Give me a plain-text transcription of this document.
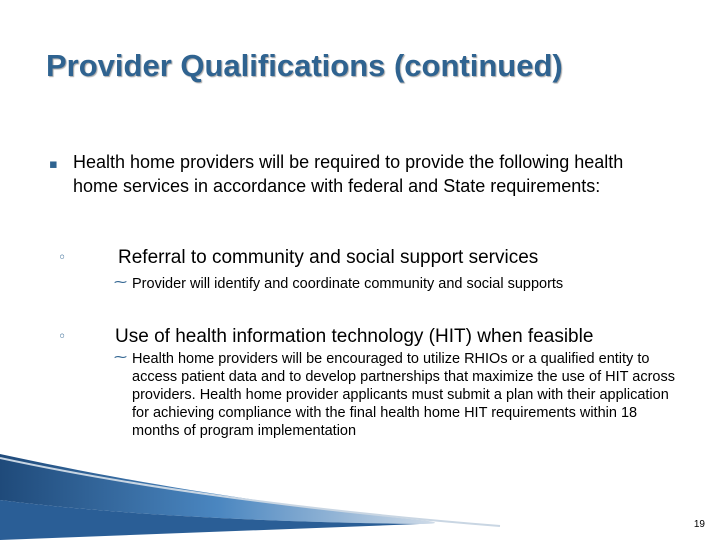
Provider Qualifications (continued)
▪ Health home providers will be required to provide the following health home services in accordance with federal and State requirements:
◦	Referral to community and social support services
⁓ Provider will identify and coordinate community and social supports
◦	Use of health information technology (HIT) when feasible
⁓ Health home providers will be encouraged to utilize RHIOs or a qualified entity to access patient data and to develop partnerships that maximize the use of HIT across providers. Health home provider applicants must submit a plan with their application for achieving compliance with the final health home HIT requirements within 18 months of program implementation
19
